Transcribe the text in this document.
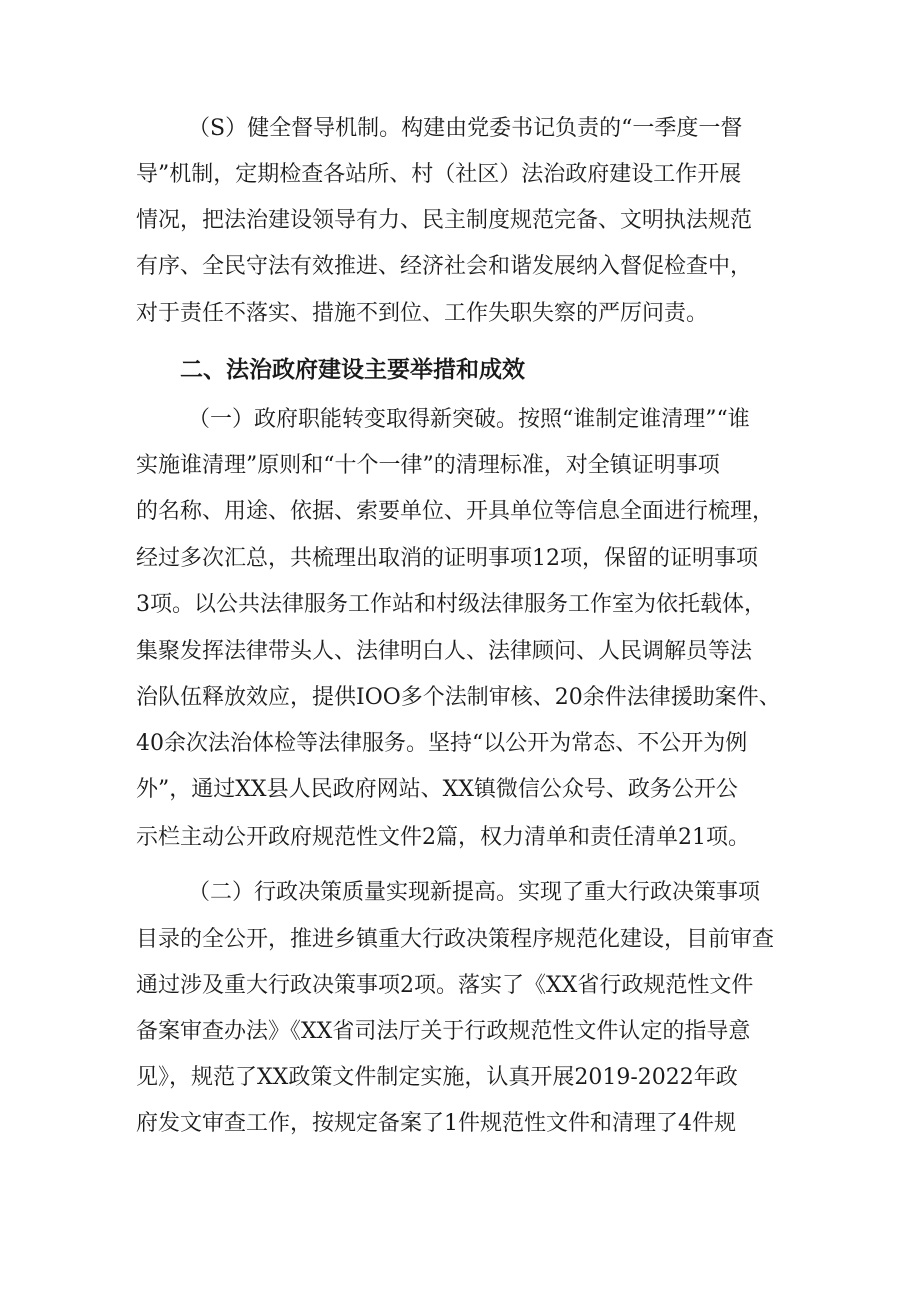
（S）健全督导机制。构建由党委书记负责的“一季度一督
导”机制，定期检查各站所、村（社区）法治政府建设工作开展
情况，把法治建设领导有力、民主制度规范完备、文明执法规范
有序、全民守法有效推进、经济社会和谐发展纳入督促检查中，
对于责任不落实、措施不到位、工作失职失察的严厉问责。
二、法治政府建设主要举措和成效
（一）政府职能转变取得新突破。按照“谁制定谁清理”“谁
实施谁清理”原则和“十个一律”的清理标准，对全镇证明事项
的名称、用途、依据、索要单位、开具单位等信息全面进行梳理，
经过多次汇总，共梳理出取消的证明事项12项，保留的证明事项
3项。以公共法律服务工作站和村级法律服务工作室为依托载体，
集聚发挥法律带头人、法律明白人、法律顾问、人民调解员等法
治队伍释放效应，提供IOO多个法制审核、20余件法律援助案件、
40余次法治体检等法律服务。坚持“以公开为常态、不公开为例
外”，通过XX县人民政府网站、XX镇微信公众号、政务公开公
示栏主动公开政府规范性文件2篇，权力清单和责任清单21项。
（二）行政决策质量实现新提高。实现了重大行政决策事项
目录的全公开，推进乡镇重大行政决策程序规范化建设，目前审查
通过涉及重大行政决策事项2项。落实了《XX省行政规范性文件
备案审查办法》《XX省司法厅关于行政规范性文件认定的指导意
见》，规范了XX政策文件制定实施，认真开展2019-2022年政
府发文审查工作，按规定备案了1件规范性文件和清理了4件规
